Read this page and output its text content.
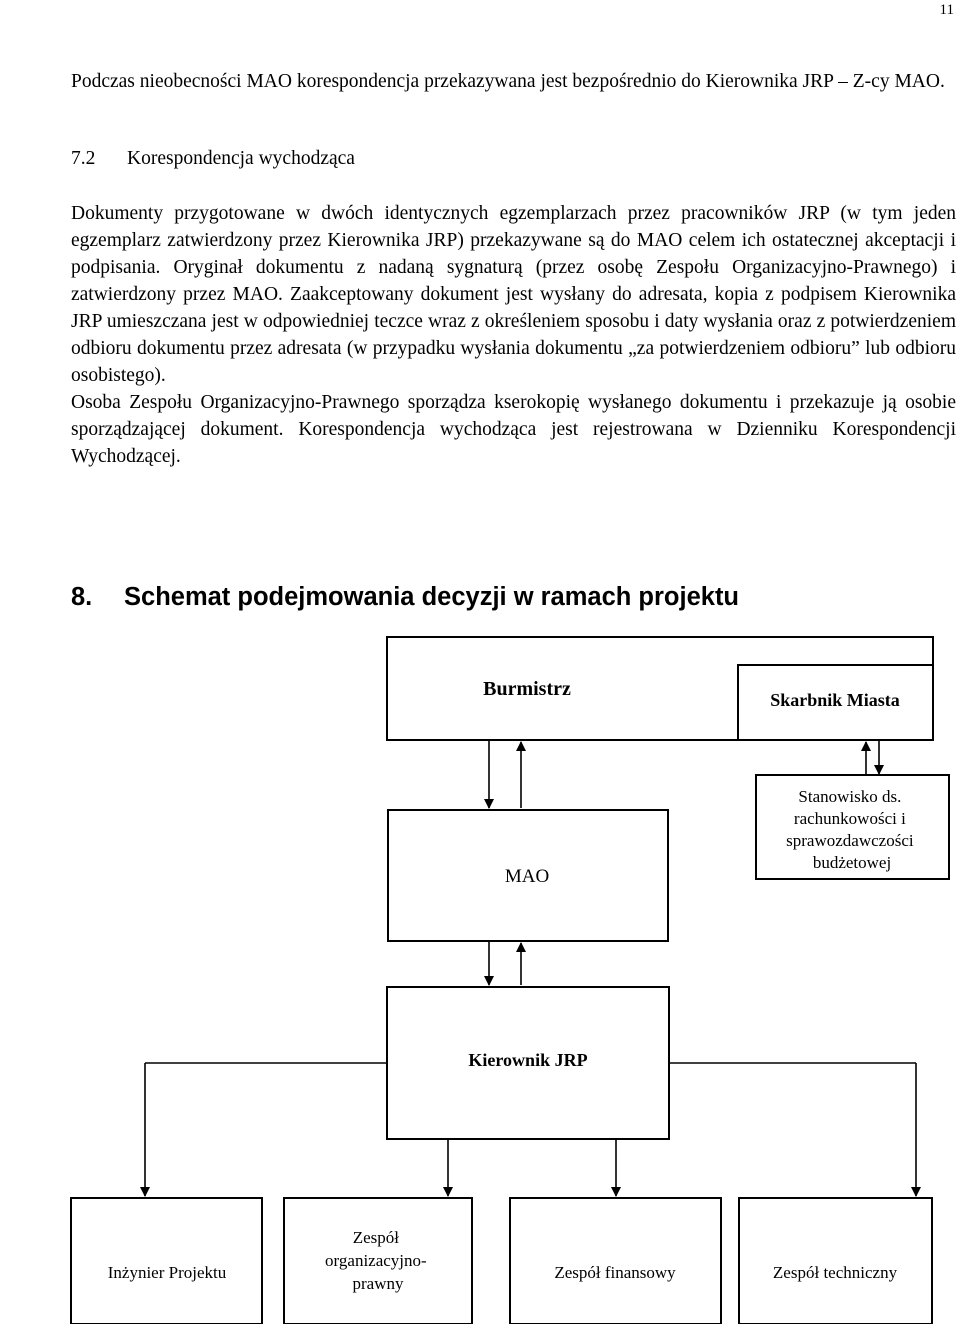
11

Podczas nieobecności MAO korespondencja przekazywana jest bezpośrednio do Kierownika JRP – Z-cy MAO.

7.2 Korespondencja wychodząca
Dokumenty przygotowane w dwóch identycznych egzemplarzach przez pracowników JRP (w tym jeden egzemplarz zatwierdzony przez Kierownika JRP) przekazywane są do MAO celem ich ostatecznej akceptacji i podpisania. Oryginał dokumentu z nadaną sygnaturą (przez osobę Zespołu Organizacyjno-Prawnego) i zatwierdzony przez MAO. Zaakceptowany dokument jest wysłany do adresata, kopia z podpisem Kierownika JRP umieszczana jest w odpowiedniej teczce wraz z określeniem sposobu i daty wysłania oraz z potwierdzeniem odbioru dokumentu przez adresata (w przypadku wysłania dokumentu „za potwierdzeniem odbioru” lub odbioru osobistego).
Osoba Zespołu Organizacyjno-Prawnego sporządza kserokopię wysłanego dokumentu i przekazuje ją osobie sporządzającej dokument. Korespondencja wychodząca jest rejestrowana w Dzienniku Korespondencji Wychodzącej.
8. Schemat podejmowania decyzji w ramach projektu
Burmistrz	Skarbnik Miasta
Stanowisko ds. rachunkowości i sprawozdawczości budżetowej
MAO
Kierownik JRP
Inżynier Projektu
Zespół organizacyjno- prawny
Zespół finansowy	Zespół techniczny
